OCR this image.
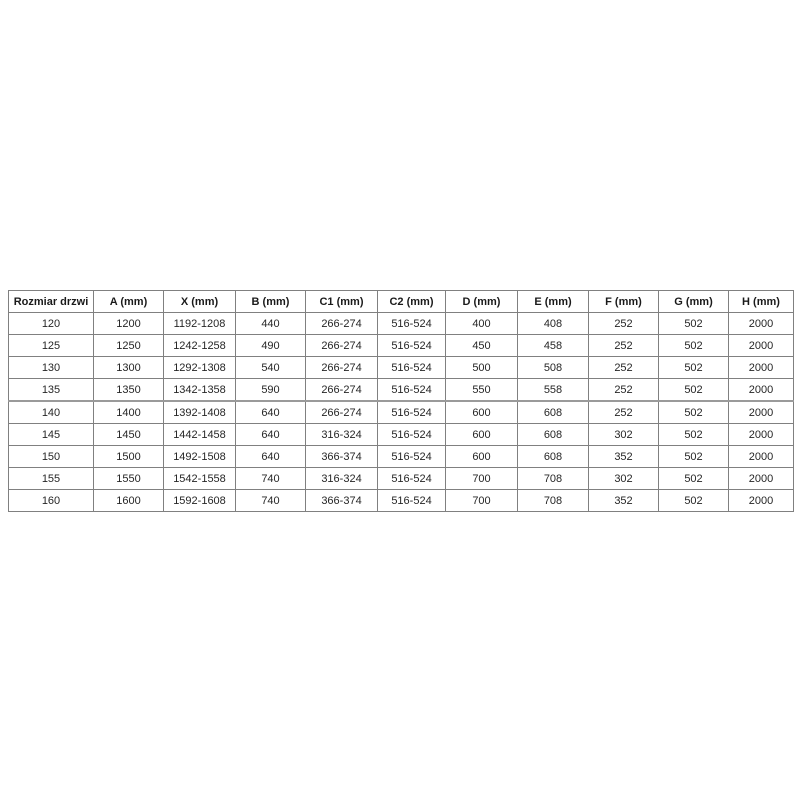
Rozmiar drzwi	A (mm)	X (mm)	B (mm)	C1 (mm)	C2 (mm)	D (mm)	E (mm)	F (mm)	G (mm)	H (mm)
120	1200	1192-1208	440	266-274	516-524	400	408	252	502	2000
125	1250	1242-1258	490	266-274	516-524	450	458	252	502	2000
130	1300	1292-1308	540	266-274	516-524	500	508	252	502	2000
135	1350	1342-1358	590	266-274	516-524	550	558	252	502	2000
140	1400	1392-1408	640	266-274	516-524	600	608	252	502	2000
145	1450	1442-1458	640	316-324	516-524	600	608	302	502	2000
150	1500	1492-1508	640	366-374	516-524	600	608	352	502	2000
155	1550	1542-1558	740	316-324	516-524	700	708	302	502	2000
160	1600	1592-1608	740	366-374	516-524	700	708	352	502	2000
